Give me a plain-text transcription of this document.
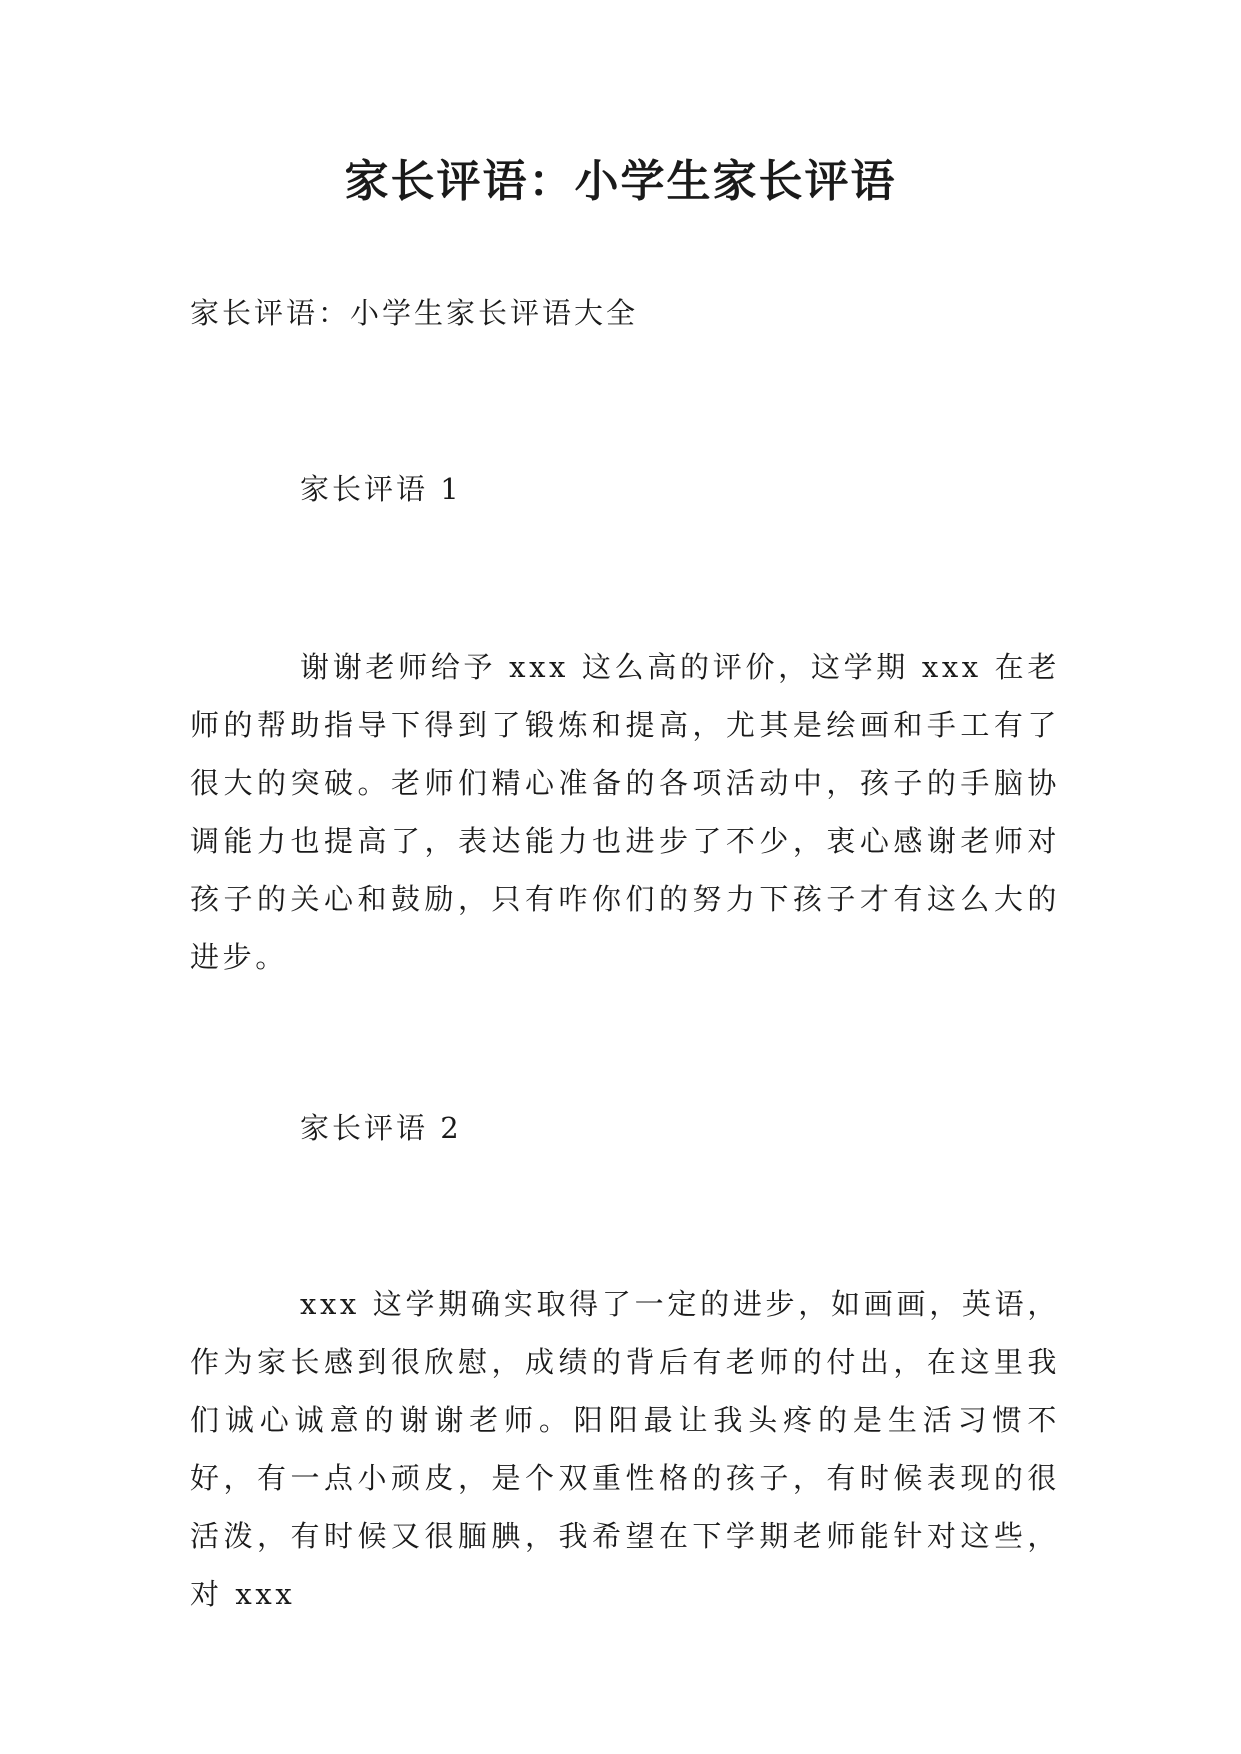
家长评语：小学生家长评语
家长评语：小学生家长评语大全
家长评语 1
谢谢老师给予 xxx 这么高的评价，这学期 xxx 在老师的帮助指导下得到了锻炼和提高，尤其是绘画和手工有了很大的突破。老师们精心准备的各项活动中，孩子的手脑协调能力也提高了，表达能力也进步了不少，衷心感谢老师对孩子的关心和鼓励，只有咋你们的努力下孩子才有这么大的进步。
家长评语 2
xxx 这学期确实取得了一定的进步，如画画，英语，作为家长感到很欣慰，成绩的背后有老师的付出，在这里我们诚心诚意的谢谢老师。阳阳最让我头疼的是生活习惯不好，有一点小顽皮，是个双重性格的孩子，有时候表现的很活泼，有时候又很腼腆，我希望在下学期老师能针对这些，对 xxx
